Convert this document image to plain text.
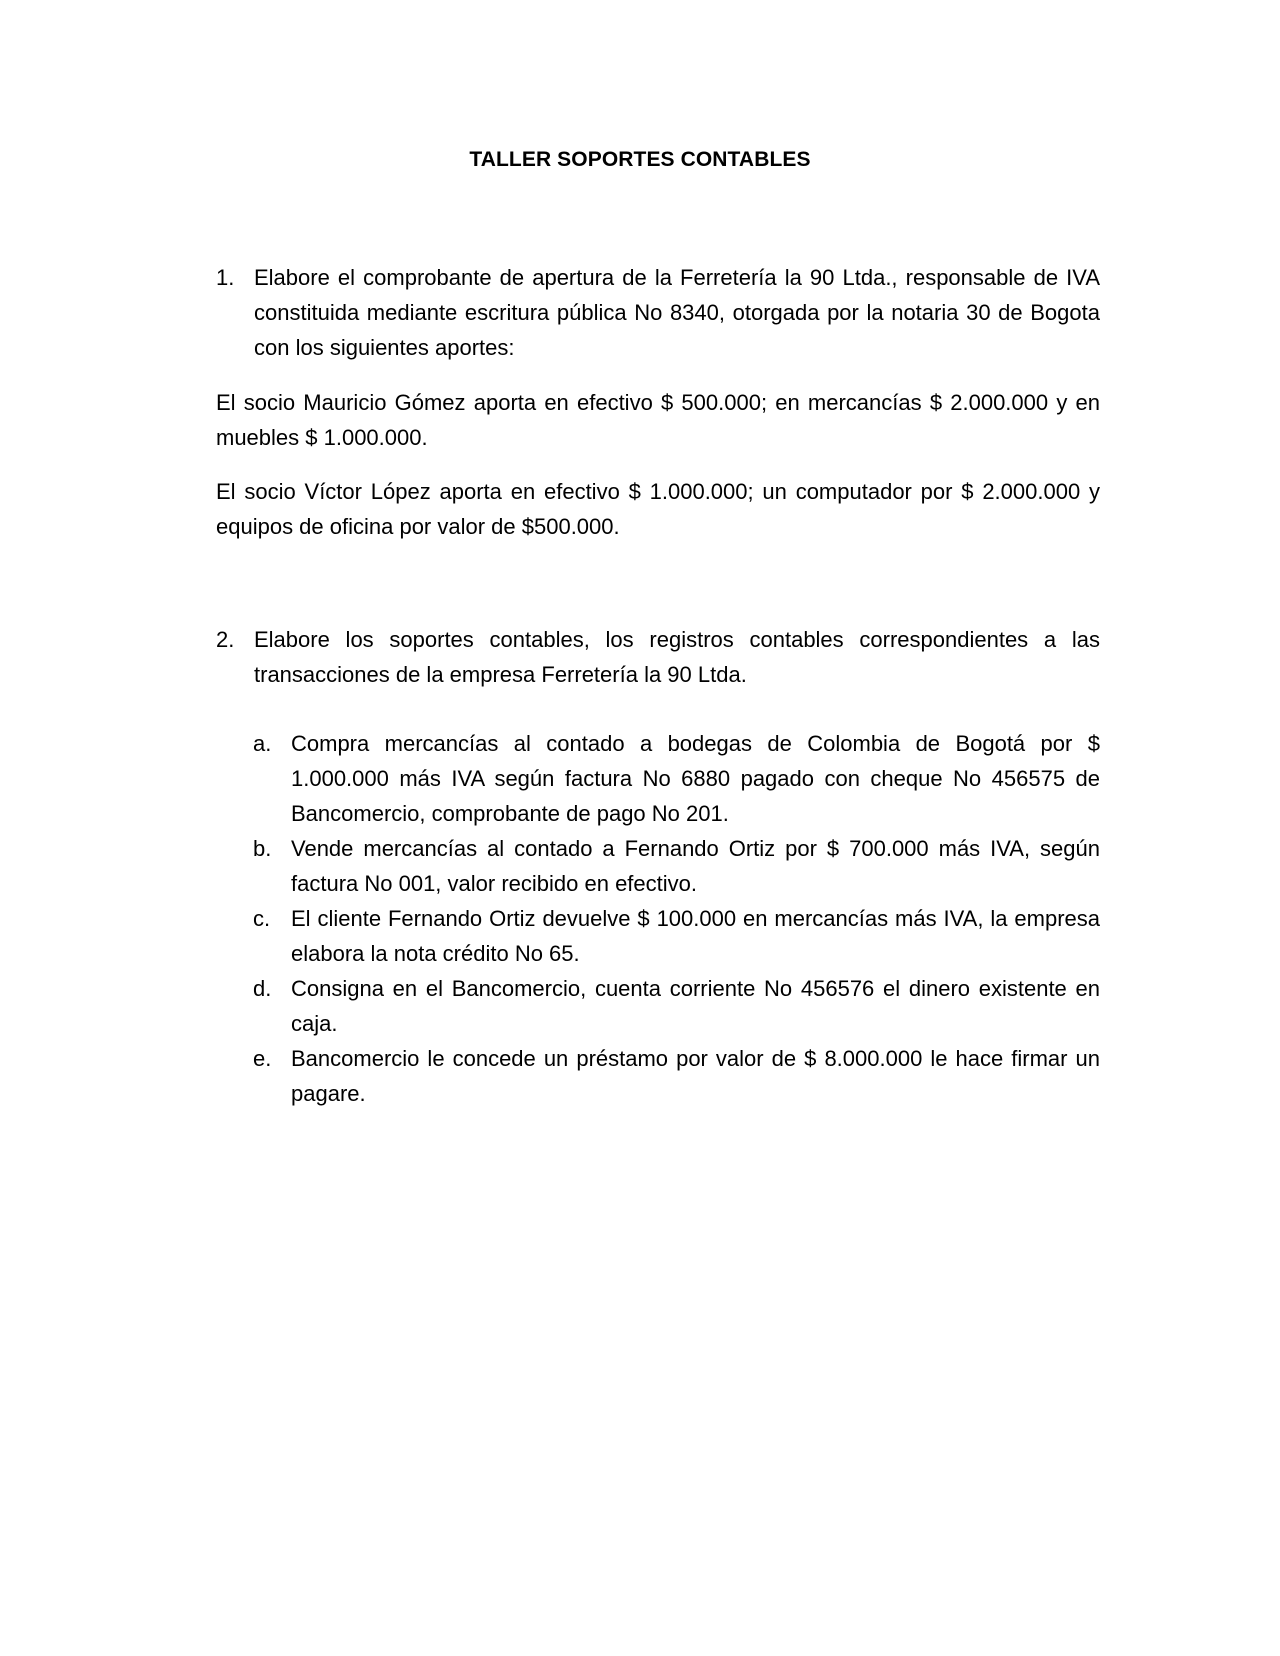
TALLER SOPORTES CONTABLES
1. Elabore el comprobante de apertura de la Ferretería la 90 Ltda., responsable de IVA constituida mediante escritura pública No 8340, otorgada por la notaria 30 de Bogota con los siguientes aportes:
El socio Mauricio Gómez aporta en efectivo $ 500.000; en mercancías $ 2.000.000 y en muebles $ 1.000.000.
El socio Víctor López aporta en efectivo $ 1.000.000; un computador por $ 2.000.000 y equipos de oficina por valor de $500.000.
2. Elabore los soportes contables, los registros contables correspondientes a las transacciones de la empresa Ferretería la 90 Ltda.
a. Compra mercancías al contado a bodegas de Colombia de Bogotá por $ 1.000.000 más IVA según factura No 6880 pagado con cheque No 456575 de Bancomercio, comprobante de pago No 201.
b. Vende mercancías al contado a Fernando Ortiz por $ 700.000 más IVA, según factura No 001, valor recibido en efectivo.
c. El cliente Fernando Ortiz devuelve $ 100.000 en mercancías más IVA, la empresa elabora la nota crédito No 65.
d. Consigna en el Bancomercio, cuenta corriente No 456576 el dinero existente en caja.
e. Bancomercio le concede un préstamo por valor de $ 8.000.000 le hace firmar un pagare.
